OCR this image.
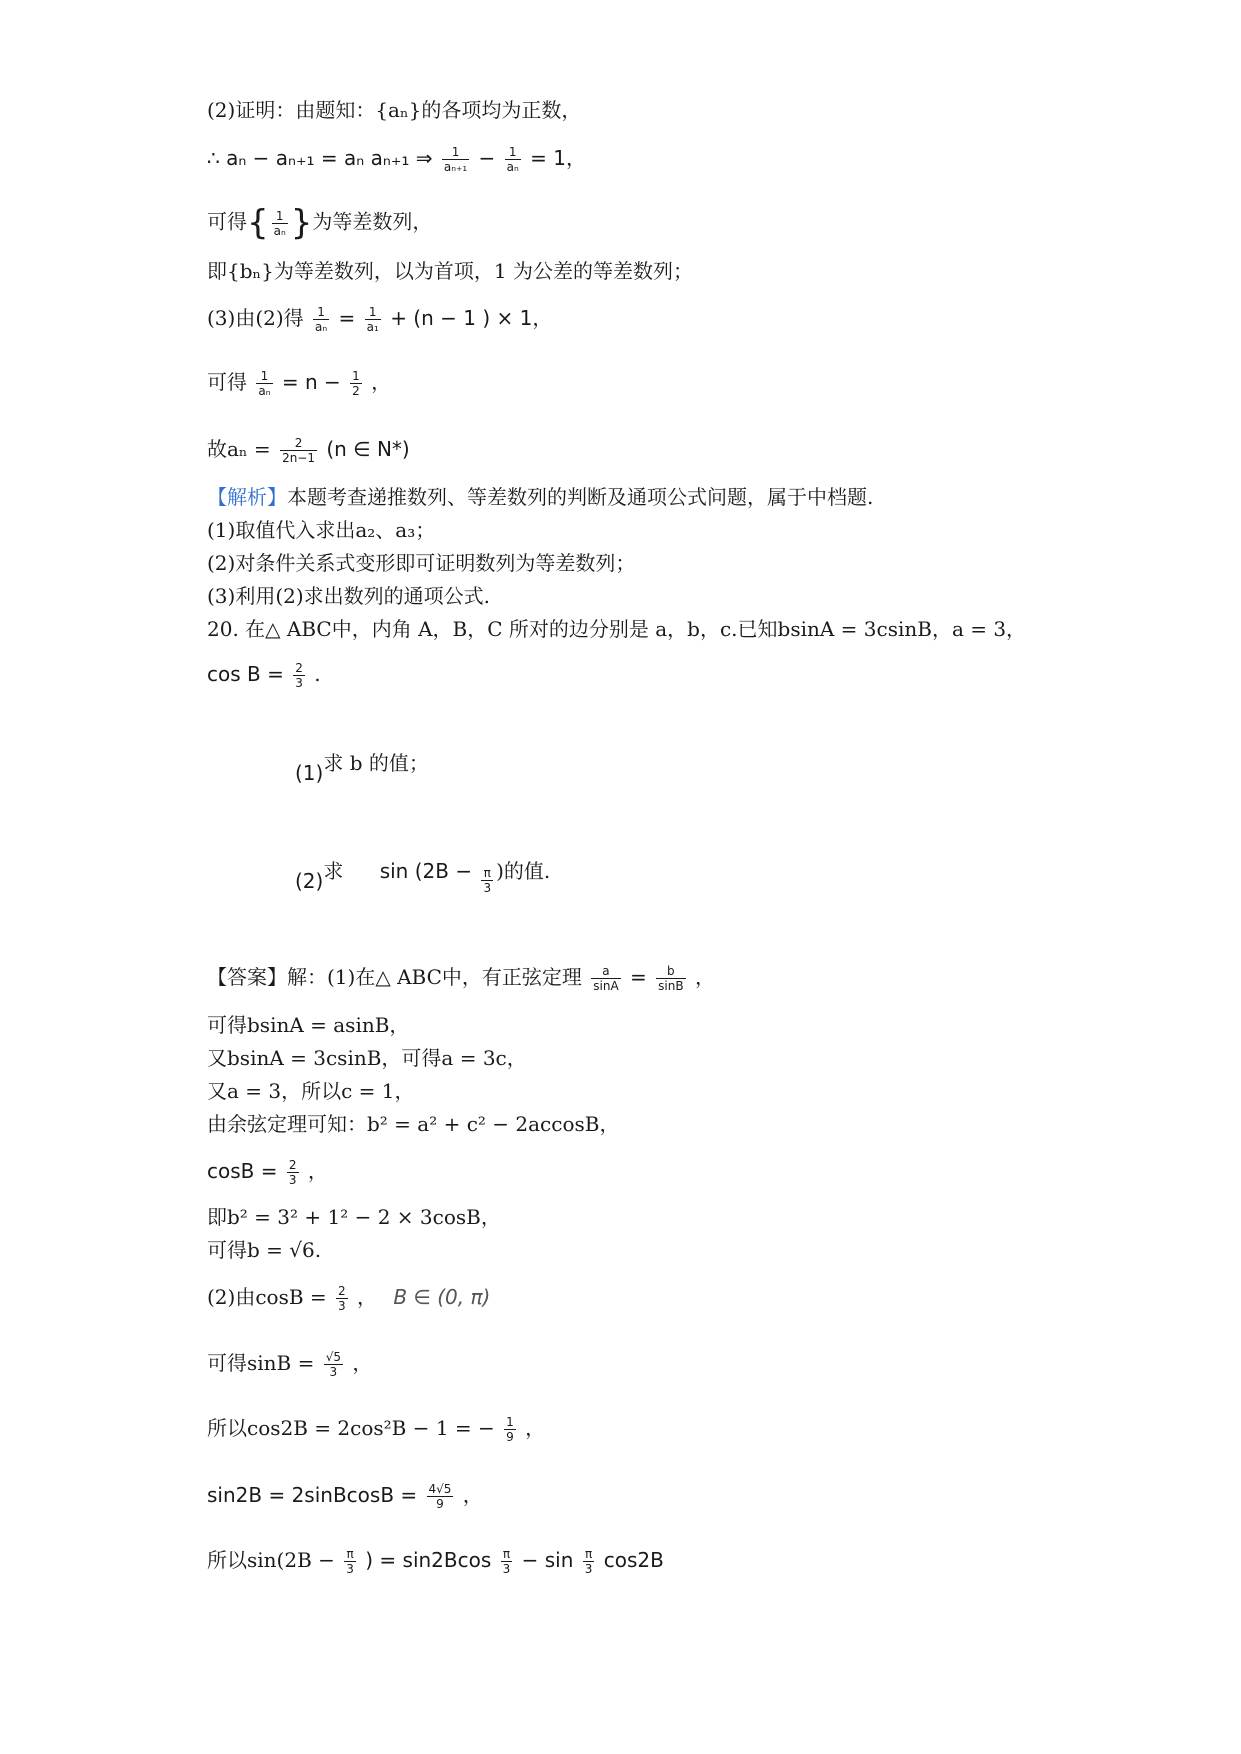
(2)证明：由题知：{aₙ}的各项均为正数，
∴ aₙ − aₙ₊₁ = aₙ aₙ₊₁ ⇒ $\frac{1}{\text{aₙ₊₁}} - \frac{1}{\text{aₙ}} = 1$，
可得{ $\frac{1}{\text{aₙ}}$ }为等差数列，
即{bₙ}为等差数列，以为首项，1 为公差的等差数列；
(3)由(2)得 $\frac{1}{\text{aₙ}} = \frac{1}{\text{a₁}} + (n - 1$ ) × 1，
可得 $\frac{1}{\text{aₙ}} = n - \frac{1}{2}$ ，
故$a_n = \frac{2}{2n-1} (n$ ∈ N*)
【解析】本题考查递推数列、等差数列的判断及通项公式问题，属于中档题.
(1)取值代入求出a₂、a₃；
(2)对条件关系式变形即可证明数列为等差数列；
(3)利用(2)求出数列的通项公式.
20. 在△ ABC中，内角 A，B，C 所对的边分别是 a，b，c.已知bsinA = 3csinB，a = 3，
$\cos B = \frac{2}{3}$ .
(1)求 b 的值；
(2)求 $\sin (2B - \frac{\pi}{3}$ )的值.
【答案】解：(1)在△ ABC中，有正弦定理 $\frac{a}{\sin A} = \frac{b}{\sin B}$ ，
可得bsinA = asinB，
又bsinA = 3csinB，可得a = 3c，
又a = 3，所以c = 1，
由余弦定理可知：b² = a² + c² − 2accosB，
$\cos B = \frac{2}{3}$ ，
即b² = 3² + 1² − 2 × 3cosB，
可得b = √6.
(2)由$\cos B = \frac{2}{3}$ ， B ∈ (0, π)
可得$\sin B = \frac{√5}{3}$ ，
所以cos2B = 2cos²B − 1 = − $\frac{1}{9}$ ，
sin2B = 2sinBcosB = $\frac{4√5}{9}$ ，
所以$\sin(2B - \frac{\pi}{3}$ ) = $\sin 2Bcos \frac{\pi}{3} - \sin \frac{\pi}{3} \cos 2B$
